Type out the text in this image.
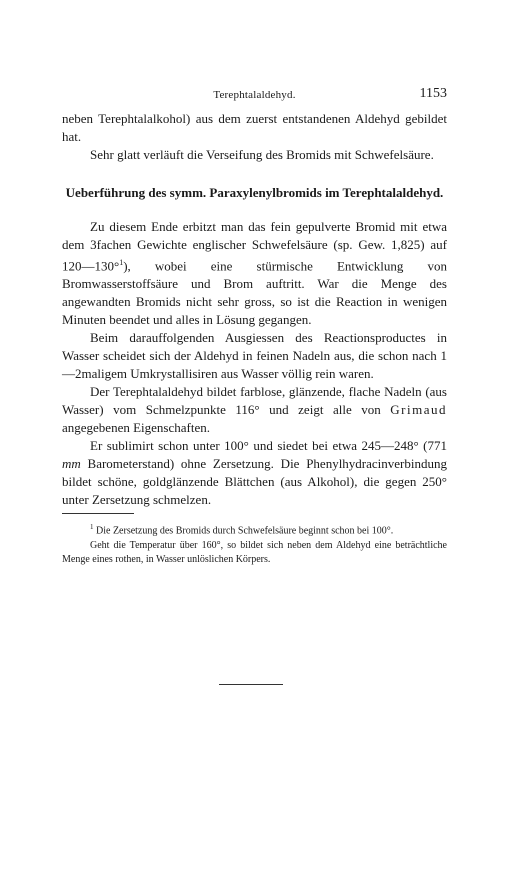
Terephtalaldehyd.	1153

neben Terephtalalkohol) aus dem zuerst entstandenen Aldehyd gebildet hat.

Sehr glatt verläuft die Verseifung des Bromids mit Schwefelsäure.

Ueberführung des symm. Paraxylenylbromids im Terephtalaldehyd.

Zu diesem Ende erbitzt man das fein gepulverte Bromid mit etwa dem 3fachen Gewichte englischer Schwefelsäure (sp. Gew. 1,825) auf 120—130°$^1$), wobei eine stürmische Entwicklung von Bromwasserstoffsäure und Brom auftritt. War die Menge des angewandten Bromids nicht sehr gross, so ist die Reaction in wenigen Minuten beendet und alles in Lösung gegangen.

Beim darauffolgenden Ausgiessen des Reactionsproductes in Wasser scheidet sich der Aldehyd in feinen Nadeln aus, die schon nach 1—2maligem Umkrystallisiren aus Wasser völlig rein waren.

Der Terephtalaldehyd bildet farblose, glänzende, flache Nadeln (aus Wasser) vom Schmelzpunkte 116° und zeigt alle von Grimaud angegebenen Eigenschaften.

Er sublimirt schon unter 100° und siedet bei etwa 245—248° (771 mm Barometerstand) ohne Zersetzung. Die Phenylhydracinverbindung bildet schöne, goldglänzende Blättchen (aus Alkohol), die gegen 250° unter Zersetzung schmelzen.

$^1$ Die Zersetzung des Bromids durch Schwefelsäure beginnt schon bei 100°.

Geht die Temperatur über 160°, so bildet sich neben dem Aldehyd eine beträchtliche Menge eines rothen, in Wasser unlöslichen Körpers.
